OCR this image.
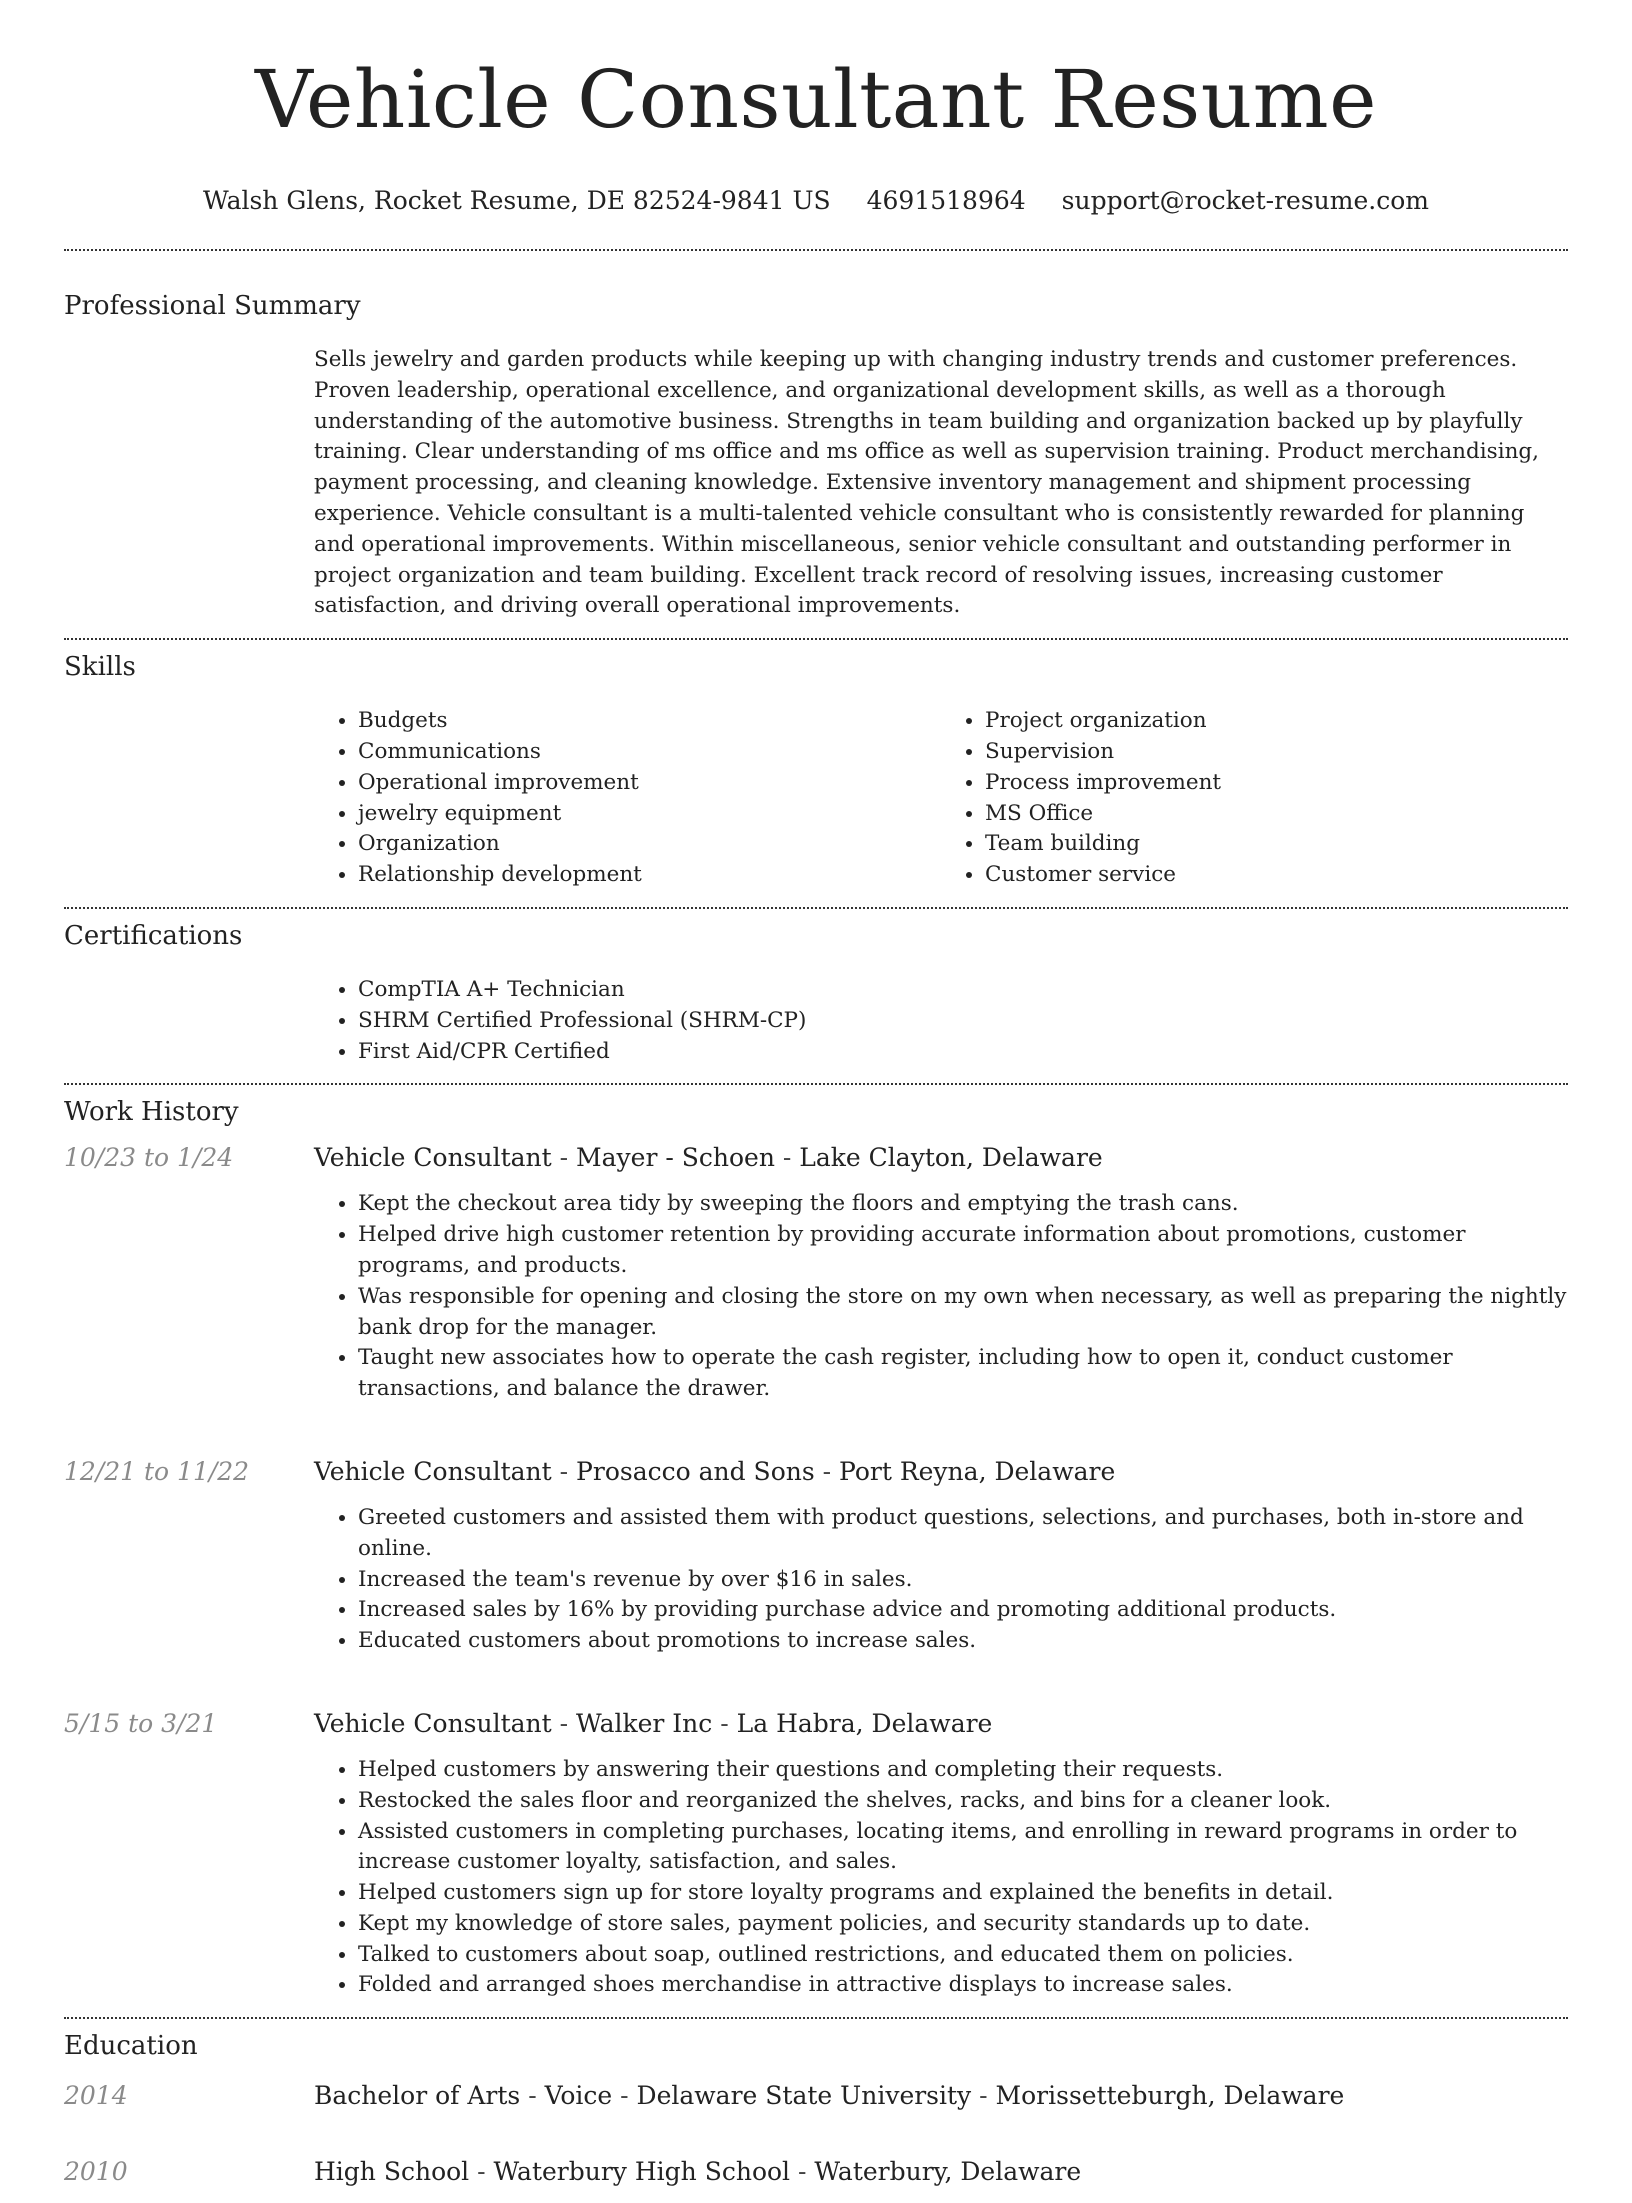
Vehicle Consultant Resume
Walsh Glens, Rocket Resume, DE 82524-9841 US 4691518964 support@rocket-resume.com
Professional Summary

Sells jewelry and garden products while keeping up with changing industry trends and customer preferences. Proven leadership, operational excellence, and organizational development skills, as well as a thorough understanding of the automotive business. Strengths in team building and organization backed up by playfully training. Clear understanding of ms office and ms office as well as supervision training. Product merchandising, payment processing, and cleaning knowledge. Extensive inventory management and shipment processing experience. Vehicle consultant is a multi-talented vehicle consultant who is consistently rewarded for planning and operational improvements. Within miscellaneous, senior vehicle consultant and outstanding performer in project organization and team building. Excellent track record of resolving issues, increasing customer satisfaction, and driving overall operational improvements.

Skills
• Budgets
• Communications
• Operational improvement
• jewelry equipment
• Organization
• Relationship development
• Project organization
• Supervision
• Process improvement
• MS Office
• Team building
• Customer service
Certifications
• CompTIA A+ Technician
• SHRM Certified Professional (SHRM-CP)
• First Aid/CPR Certified
Work History
10/23 to 1/24	Vehicle Consultant - Mayer - Schoen - Lake Clayton, Delaware
• Kept the checkout area tidy by sweeping the floors and emptying the trash cans.
• Helped drive high customer retention by providing accurate information about promotions, customer programs, and products.
• Was responsible for opening and closing the store on my own when necessary, as well as preparing the nightly bank drop for the manager.
• Taught new associates how to operate the cash register, including how to open it, conduct customer transactions, and balance the drawer.
12/21 to 11/22	Vehicle Consultant - Prosacco and Sons - Port Reyna, Delaware
• Greeted customers and assisted them with product questions, selections, and purchases, both in-store and online.
• Increased the team's revenue by over $16 in sales.
• Increased sales by 16% by providing purchase advice and promoting additional products.
• Educated customers about promotions to increase sales.
5/15 to 3/21	Vehicle Consultant - Walker Inc - La Habra, Delaware
• Helped customers by answering their questions and completing their requests.
• Restocked the sales floor and reorganized the shelves, racks, and bins for a cleaner look.
• Assisted customers in completing purchases, locating items, and enrolling in reward programs in order to increase customer loyalty, satisfaction, and sales.
• Helped customers sign up for store loyalty programs and explained the benefits in detail.
• Kept my knowledge of store sales, payment policies, and security standards up to date.
• Talked to customers about soap, outlined restrictions, and educated them on policies.
• Folded and arranged shoes merchandise in attractive displays to increase sales.
Education
2014	Bachelor of Arts - Voice - Delaware State University - Morissetteburgh, Delaware
2010	High School - Waterbury High School - Waterbury, Delaware
